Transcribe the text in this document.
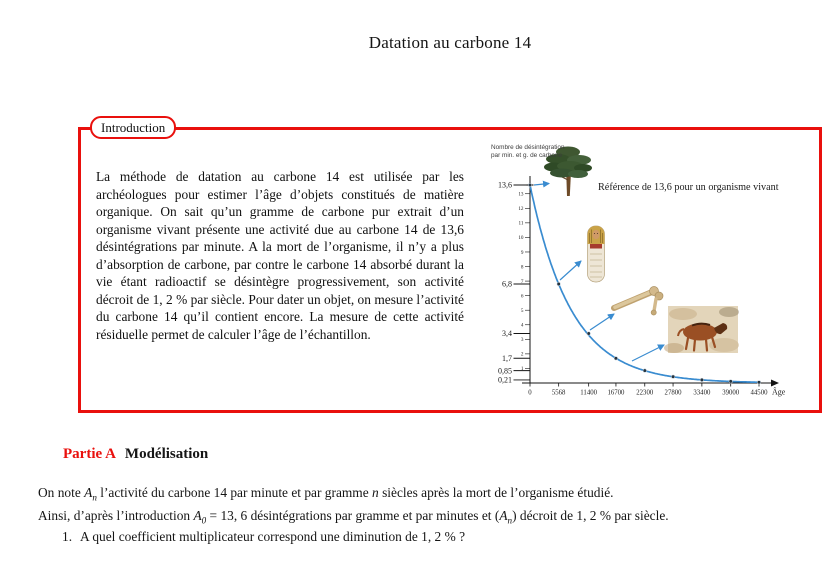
Datation au carbone 14
Introduction
La méthode de datation au carbone 14 est utilisée par les archéologues pour estimer l’âge d’objets constitués de matière organique. On sait qu’un gramme de carbone pur extrait d’un organisme vivant présente une activité due au carbone 14 de 13,6 désintégrations par minute. A la mort de l’organisme, il n’y a plus d’absorption de carbone, par contre le carbone 14 absorbé durant la vie étant radioactif se désintègre progressivement, son activité décroit de 1, 2 % par siècle. Pour dater un objet, on mesure l’activité du carbone 14 qu’il contient encore. La mesure de cette activité résiduelle permet de calculer l’âge de l’échantillon.
1
2
3
4
5
6
7
8
9
10
11
12
13
13,6
6,8
3,4
1,7
0,85
0,21
0	5568 11400 16700 22300 27800 33400 39000 44500
Nombre de désintégration
par min. et g. de carbone
Référence de 13,6 pour un organisme vivant
Âge
Partie A Modélisation
On note $A_n$ l’activité du carbone 14 par minute et par gramme n siècles après la mort de l’organisme étudié.
Ainsi, d’après l’introduction $A_0 = 13$, 6 désintégrations par gramme et par minutes et $(A_n)$ décroit de 1, 2 % par siècle.
1. A quel coefficient multiplicateur correspond une diminution de 1, 2 % ?
